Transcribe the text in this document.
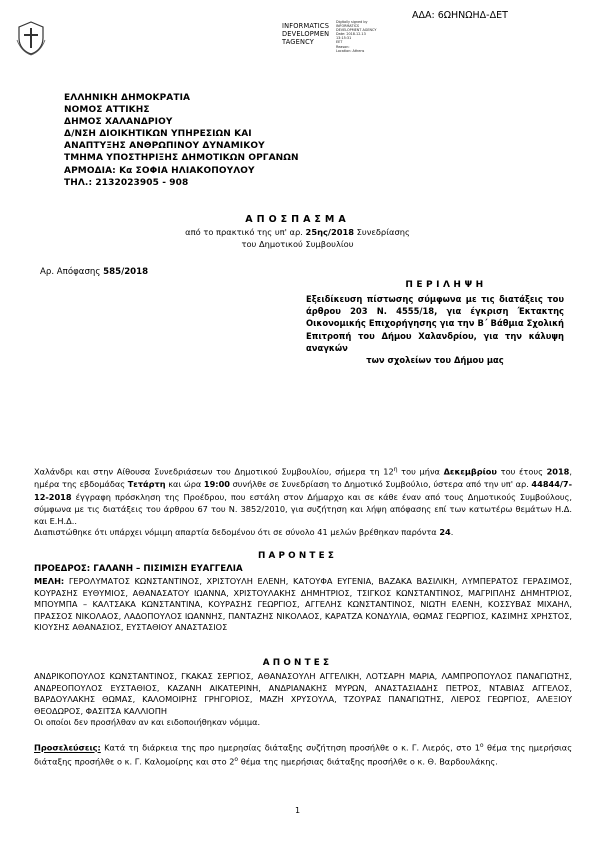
ΑΔΑ: 6ΩΗΝΩΗΔ-ΔΕΤ
INFORMATICS
DEVELOPMEN
TAGENCY
Digitally signed by
INFORMATICS
DEVELOPMENT AGENCY
Date: 2018.12.13 13:15:31
EET
Reason:
Location: Athens
ΕΛΛΗΝΙΚΗ ΔΗΜΟΚΡΑΤΙΑ
ΝΟΜΟΣ ΑΤΤΙΚΗΣ
ΔΗΜΟΣ ΧΑΛΑΝΔΡΙΟΥ
Δ/ΝΣΗ ΔΙΟΙΚΗΤΙΚΩΝ ΥΠΗΡΕΣΙΩΝ ΚΑΙ
ΑΝΑΠΤΥΞΗΣ ΑΝΘΡΩΠΙΝΟΥ ΔΥΝΑΜΙΚΟΥ
ΤΜΗΜΑ ΥΠΟΣΤΗΡΙΞΗΣ ΔΗΜΟΤΙΚΩΝ ΟΡΓΑΝΩΝ
ΑΡΜΟΔΙΑ: Κα ΣΟΦΙΑ ΗΛΙΑΚΟΠΟΥΛΟΥ
ΤΗΛ.: 2132023905 - 908
ΑΠΟΣΠΑΣΜΑ
από το πρακτικό της υπ' αρ. 25ης/2018 Συνεδρίασης
του Δημοτικού Συμβουλίου
Αρ. Απόφασης 585/2018
ΠΕΡΙΛΗΨΗ
Εξειδίκευση πίστωσης σύμφωνα με τις διατάξεις του άρθρου 203 Ν. 4555/18, για έγκριση Έκτακτης Οικονομικής Επιχορήγησης για την Β΄ Βάθμια Σχολική Επιτροπή του Δήμου Χαλανδρίου, για την κάλυψη αναγκών
των σχολείων του Δήμου μας
Χαλάνδρι και στην Αίθουσα Συνεδριάσεων του Δημοτικού Συμβουλίου, σήμερα τη $12^\eta$ του μήνα Δεκεμβρίου του έτους 2018, ημέρα της εβδομάδας Τετάρτη και ώρα 19:00 συνήλθε σε Συνεδρίαση το Δημοτικό Συμβούλιο, ύστερα από την υπ' αρ. 44844/7-12-2018 έγγραφη πρόσκληση της Προέδρου, που εστάλη στον Δήμαρχο και σε κάθε έναν από τους Δημοτικούς Συμβούλους, σύμφωνα με τις διατάξεις του άρθρου 67 του Ν. 3852/2010, για συζήτηση και λήψη απόφασης επί των κατωτέρω θεμάτων Η.Δ. και Ε.Η.Δ..
Διαπιστώθηκε ότι υπάρχει νόμιμη απαρτία δεδομένου ότι σε σύνολο 41 μελών βρέθηκαν παρόντα 24.
ΠΑΡΟΝΤΕΣ
ΠΡΟΕΔΡΟΣ: ΓΑΛΑΝΗ – ΠΙΣΙΜΙΣΗ ΕΥΑΓΓΕΛΙΑ
ΜΕΛΗ: ΓΕΡΟΛΥΜΑΤΟΣ ΚΩΝΣΤΑΝΤΙΝΟΣ, ΧΡΙΣΤΟΥΛΗ ΕΛΕΝΗ, ΚΑΤΟΥΦΑ ΕΥΓΕΝΙΑ, ΒΑΖΑΚΑ ΒΑΣΙΛΙΚΗ, ΛΥΜΠΕΡΑΤΟΣ ΓΕΡΑΣΙΜΟΣ, ΚΟΥΡΑΣΗΣ ΕΥΘΥΜΙΟΣ, ΑΘΑΝΑΣΑΤΟΥ ΙΩΑΝΝΑ, ΧΡΙΣΤΟΥΛΑΚΗΣ ΔΗΜΗΤΡΙΟΣ, ΤΣΙΓΚΟΣ ΚΩΝΣΤΑΝΤΙΝΟΣ, ΜΑΓΡΙΠΛΗΣ ΔΗΜΗΤΡΙΟΣ, ΜΠΟΥΜΠΑ – ΚΑΛΤΣΑΚΑ ΚΩΝΣΤΑΝΤΙΝΑ, ΚΟΥΡΑΣΗΣ ΓΕΩΡΓΙΟΣ, ΑΓΓΕΛΗΣ ΚΩΝΣΤΑΝΤΙΝΟΣ, ΝΙΩΤΗ ΕΛΕΝΗ, ΚΟΣΣΥΒΑΣ ΜΙΧΑΗΛ, ΠΡΑΣΣΟΣ ΝΙΚΟΛΑΟΣ, ΛΑΔΟΠΟΥΛΟΣ ΙΩΑΝΝΗΣ, ΠΑΝΤΑΖΗΣ ΝΙΚΟΛΑΟΣ, ΚΑΡΑΤΖΑ ΚΟΝΔΥΛΙΑ, ΘΩΜΑΣ ΓΕΩΡΓΙΟΣ, ΚΑΣΙΜΗΣ ΧΡΗΣΤΟΣ, ΚΙΟΥΣΗΣ ΑΘΑΝΑΣΙΟΣ, ΕΥΣΤΑΘΙΟΥ ΑΝΑΣΤΑΣΙΟΣ
ΑΠΟΝΤΕΣ
ΑΝΔΡΙΚΟΠΟΥΛΟΣ ΚΩΝΣΤΑΝΤΙΝΟΣ, ΓΚΑΚΑΣ ΣΕΡΓΙΟΣ, ΑΘΑΝΑΣΟΥΛΗ ΑΓΓΕΛΙΚΗ, ΛΟΤΣΑΡΗ ΜΑΡΙΑ, ΛΑΜΠΡΟΠΟΥΛΟΣ ΠΑΝΑΓΙΩΤΗΣ, ΑΝΔΡΕΟΠΟΥΛΟΣ ΕΥΣΤΑΘΙΟΣ, ΚΑΖΑΝΗ ΑΙΚΑΤΕΡΙΝΗ, ΑΝΔΡΙΑΝΑΚΗΣ ΜΥΡΩΝ, ΑΝΑΣΤΑΣΙΑΔΗΣ ΠΕΤΡΟΣ, ΝΤΑΒΙΑΣ ΑΓΓΕΛΟΣ, ΒΑΡΔΟΥΛΑΚΗΣ ΘΩΜΑΣ, ΚΑΛΟΜΟΙΡΗΣ ΓΡΗΓΟΡΙΟΣ, ΜΑΖΗ ΧΡΥΣΟΥΛΑ, ΤΖΟΥΡΑΣ ΠΑΝΑΓΙΩΤΗΣ, ΛΙΕΡΟΣ ΓΕΩΡΓΙΟΣ, ΑΛΕΞΙΟΥ ΘΕΟΔΩΡΟΣ, ΦΑΣΙΤΣΑ ΚΑΛΛΙΟΠΗ
Οι οποίοι δεν προσήλθαν αν και ειδοποιήθηκαν νόμιμα.
Προσελεύσεις: Κατά τη διάρκεια της προ ημερησίας διάταξης συζήτηση προσήλθε ο κ. Γ. Λιερός, στο $1^o$ θέμα της ημερήσιας διάταξης προσήλθε ο κ. Γ. Καλομοίρης και στο $2^o$ θέμα της ημερήσιας διάταξης προσήλθε ο κ. Θ. Βαρδουλάκης.
1
